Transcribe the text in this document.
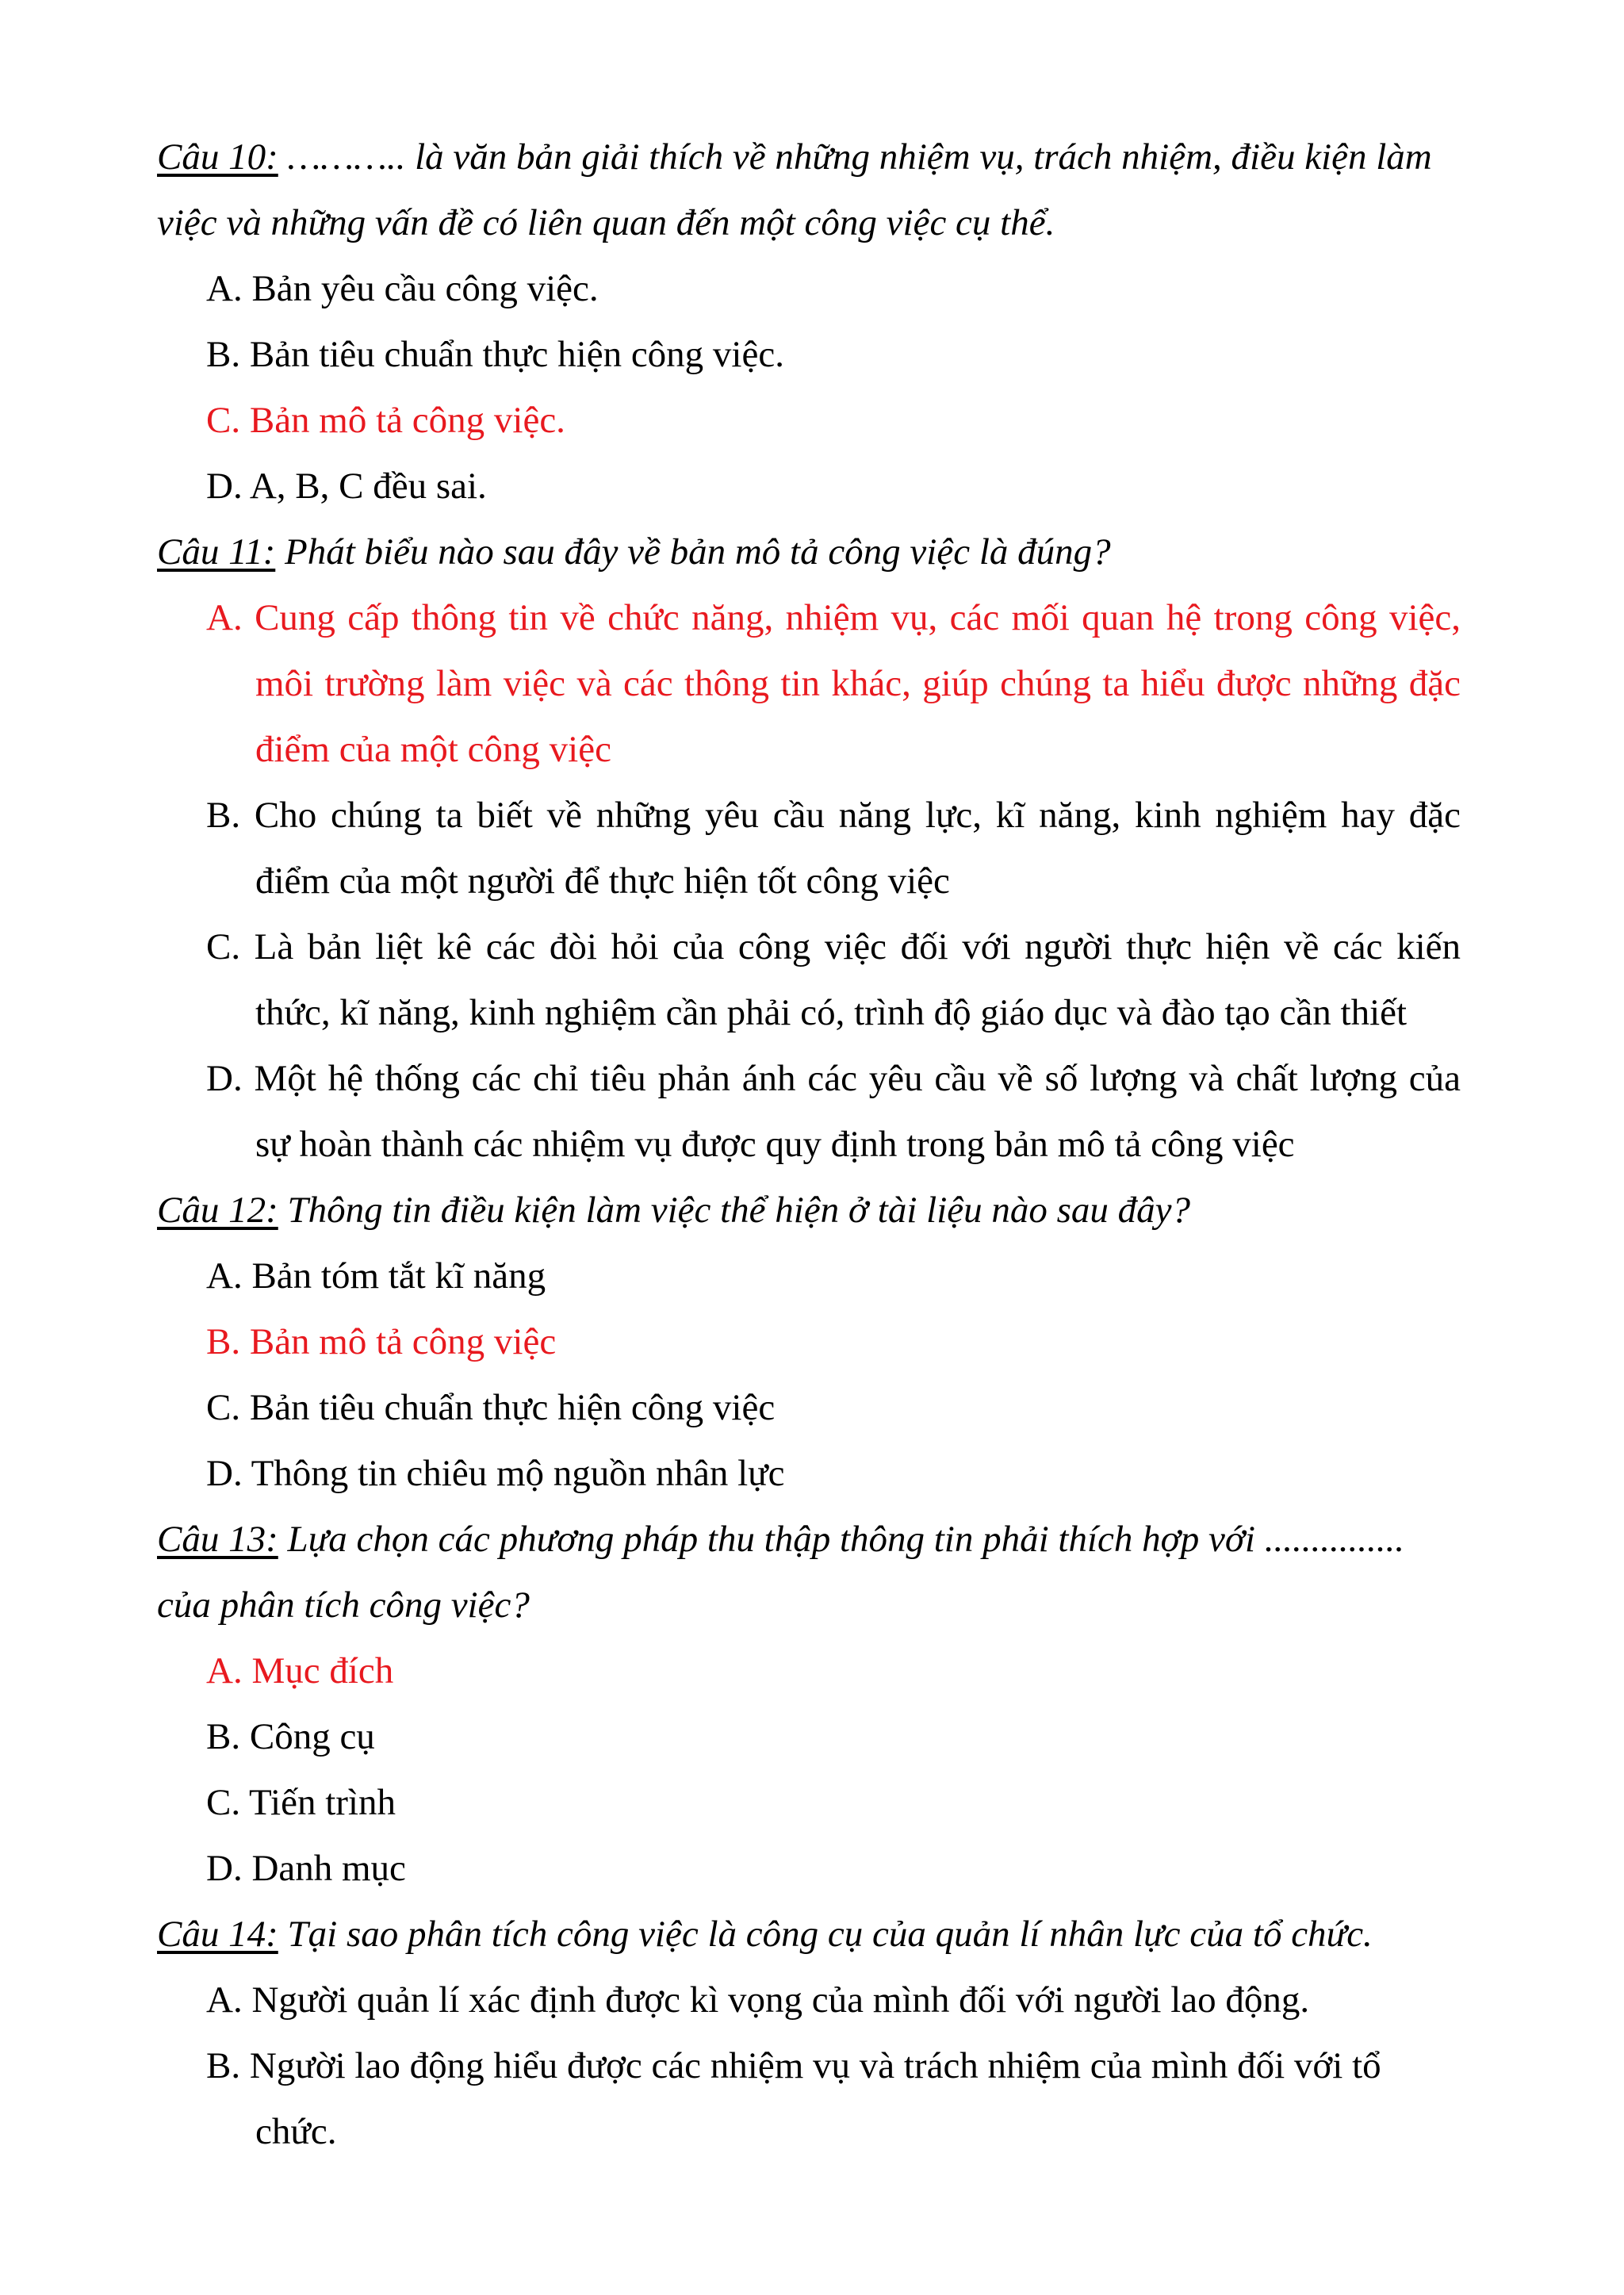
Câu 10: ……….. là văn bản giải thích về những nhiệm vụ, trách nhiệm, điều kiện làm
việc và những vấn đề có liên quan đến một công việc cụ thể.
A. Bản yêu cầu công việc.
B. Bản tiêu chuẩn thực hiện công việc.
C. Bản mô tả công việc.
D. A, B, C đều sai.
Câu 11: Phát biểu nào sau đây về bản mô tả công việc là đúng?
A. Cung cấp thông tin về chức năng, nhiệm vụ, các mối quan hệ trong công việc,
môi trường làm việc và các thông tin khác, giúp chúng ta hiểu được những đặc
điểm của một công việc
B. Cho chúng ta biết về những yêu cầu năng lực, kĩ năng, kinh nghiệm hay đặc
điểm của một người để thực hiện tốt công việc
C. Là bản liệt kê các đòi hỏi của công việc đối với người thực hiện về các kiến
thức, kĩ năng, kinh nghiệm cần phải có, trình độ giáo dục và đào tạo cần thiết
D. Một hệ thống các chỉ tiêu phản ánh các yêu cầu về số lượng và chất lượng của
sự hoàn thành các nhiệm vụ được quy định trong bản mô tả công việc
Câu 12: Thông tin điều kiện làm việc thể hiện ở tài liệu nào sau đây?
A. Bản tóm tắt kĩ năng
B. Bản mô tả công việc
C. Bản tiêu chuẩn thực hiện công việc
D. Thông tin chiêu mộ nguồn nhân lực
Câu 13: Lựa chọn các phương pháp thu thập thông tin phải thích hợp với ...............
của phân tích công việc?
A. Mục đích
B. Công cụ
C. Tiến trình
D. Danh mục
Câu 14: Tại sao phân tích công việc là công cụ của quản lí nhân lực của tổ chức.
A. Người quản lí xác định được kì vọng của mình đối với người lao động.
B. Người lao động hiểu được các nhiệm vụ và trách nhiệm của mình đối với tổ
chức.
